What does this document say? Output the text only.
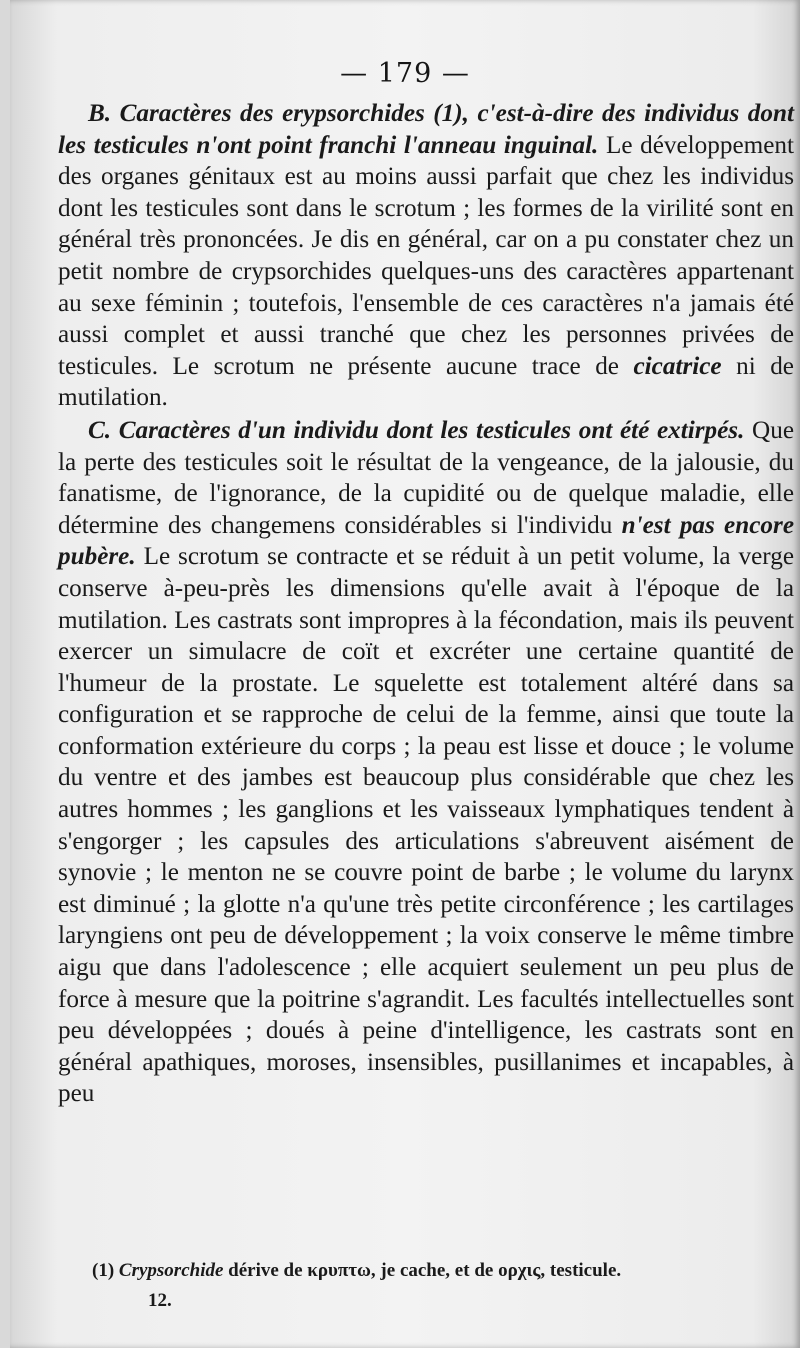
— 179 —

B. Caractères des erypsorchides (1), c'est-à-dire des individus dont les testicules n'ont point franchi l'anneau inguinal. Le développement des organes génitaux est au moins aussi parfait que chez les individus dont les testicules sont dans le scrotum ; les formes de la virilité sont en général très prononcées. Je dis en général, car on a pu constater chez un petit nombre de crypsorchides quelques-uns des caractères appartenant au sexe féminin ; toutefois, l'ensemble de ces caractères n'a jamais été aussi complet et aussi tranché que chez les personnes privées de testicules. Le scrotum ne présente aucune trace de cicatrice ni de mutilation.

C. Caractères d'un individu dont les testicules ont été extirpés. Que la perte des testicules soit le résultat de la vengeance, de la jalousie, du fanatisme, de l'ignorance, de la cupidité ou de quelque maladie, elle détermine des changemens considérables si l'individu n'est pas encore pubère. Le scrotum se contracte et se réduit à un petit volume, la verge conserve à-peu-près les dimensions qu'elle avait à l'époque de la mutilation. Les castrats sont impropres à la fécondation, mais ils peuvent exercer un simulacre de coït et excréter une certaine quantité de l'humeur de la prostate. Le squelette est totalement altéré dans sa configuration et se rapproche de celui de la femme, ainsi que toute la conformation extérieure du corps ; la peau est lisse et douce ; le volume du ventre et des jambes est beaucoup plus considérable que chez les autres hommes ; les ganglions et les vaisseaux lymphatiques tendent à s'engorger ; les capsules des articulations s'abreuvent aisément de synovie ; le menton ne se couvre point de barbe ; le volume du larynx est diminué ; la glotte n'a qu'une très petite circonférence ; les cartilages laryngiens ont peu de développement ; la voix conserve le même timbre aigu que dans l'adolescence ; elle acquiert seulement un peu plus de force à mesure que la poitrine s'agrandit. Les facultés intellectuelles sont peu développées ; doués à peine d'intelligence, les castrats sont en général apathiques, moroses, insensibles, pusillanimes et incapables, à peu

(1) Crypsorchide dérive de κρυπτω, je cache, et de ορχις, testicule.
12.
